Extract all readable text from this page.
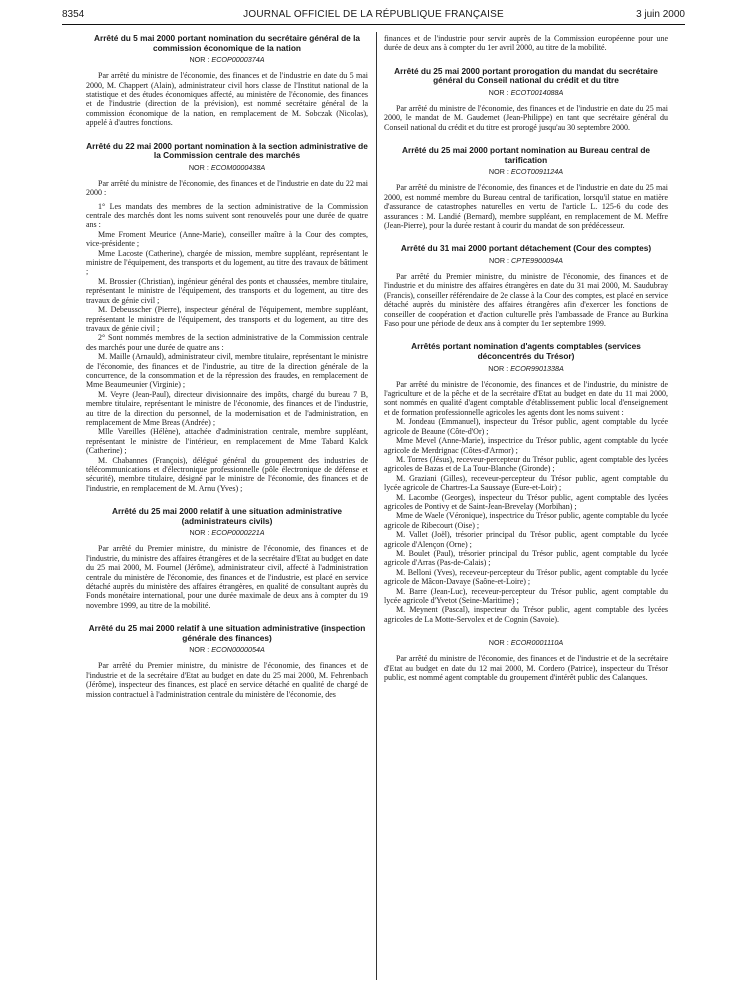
8354	JOURNAL OFFICIEL DE LA RÉPUBLIQUE FRANÇAISE	3 juin 2000
Arrêté du 5 mai 2000 portant nomination du secrétaire général de la commission économique de la nation
NOR : ECOP0000374A

Par arrêté du ministre de l'économie, des finances et de l'industrie en date du 5 mai 2000, M. Chappert (Alain), administrateur civil hors classe de l'Institut national de la statistique et des études économiques affecté, au ministère de l'économie, des finances et de l'industrie (direction de la prévision), est nommé secrétaire général de la commission économique de la nation, en remplacement de M. Sobczak (Nicolas), appelé à d'autres fonctions.

Arrêté du 22 mai 2000 portant nomination à la section administrative de la Commission centrale des marchés
NOR : ECOM0000438A

Par arrêté du ministre de l'économie, des finances et de l'industrie en date du 22 mai 2000 :

1° Les mandats des membres de la section administrative de la Commission centrale des marchés dont les noms suivent sont renouvelés pour une durée de quatre ans :

Mme Froment Meurice (Anne-Marie), conseiller maître à la Cour des comptes, vice-présidente ;

Mme Lacoste (Catherine), chargée de mission, membre suppléant, représentant le ministre de l'équipement, des transports et du logement, au titre des travaux de bâtiment ;

M. Brossier (Christian), ingénieur général des ponts et chaussées, membre titulaire, représentant le ministre de l'équipement, des transports et du logement, au titre des travaux de génie civil ;

M. Debeusscher (Pierre), inspecteur général de l'équipement, membre suppléant, représentant le ministre de l'équipement, des transports et du logement, au titre des travaux de génie civil ;

2° Sont nommés membres de la section administrative de la Commission centrale des marchés pour une durée de quatre ans :

M. Maille (Arnauld), administrateur civil, membre titulaire, représentant le ministre de l'économie, des finances et de l'industrie, au titre de la direction générale de la concurrence, de la consommation et de la répression des fraudes, en remplacement de Mme Beaumeunier (Virginie) ;

M. Veyre (Jean-Paul), directeur divisionnaire des impôts, chargé du bureau 7 B, membre titulaire, représentant le ministre de l'économie, des finances et de l'industrie, au titre de la direction du personnel, de la modernisation et de l'administration, en remplacement de Mme Breas (Andrée) ;

Mlle Vareilles (Hélène), attachée d'administration centrale, membre suppléant, représentant le ministre de l'intérieur, en remplacement de Mme Tabard Kalck (Catherine) ;

M. Chabannes (François), délégué général du groupement des industries de télécommunications et d'électronique professionnelle (pôle électronique de défense et sécurité), membre titulaire, désigné par le ministre de l'économie, des finances et de l'industrie, en remplacement de M. Arnu (Yves) ;

Arrêté du 25 mai 2000 relatif à une situation administrative (administrateurs civils)
NOR : ECOP0000221A

Par arrêté du Premier ministre, du ministre de l'économie, des finances et de l'industrie, du ministre des affaires étrangères et de la secrétaire d'Etat au budget en date du 25 mai 2000, M. Fournel (Jérôme), administrateur civil, affecté à l'administration centrale du ministère de l'économie, des finances et de l'industrie, est placé en service détaché auprès du ministère des affaires étrangères, en qualité de consultant auprès du Fonds monétaire international, pour une durée maximale de deux ans à compter du 19 novembre 1999, au titre de la mobilité.

Arrêté du 25 mai 2000 relatif à une situation administrative (inspection générale des finances)
NOR : ECON0000054A

Par arrêté du Premier ministre, du ministre de l'économie, des finances et de l'industrie et de la secrétaire d'Etat au budget en date du 25 mai 2000, M. Fehrenbach (Jérôme), inspecteur des finances, est placé en service détaché en qualité de chargé de mission contractuel à l'administration centrale du ministère de l'économie, des

finances et de l'industrie pour servir auprès de la Commission européenne pour une durée de deux ans à compter du 1er avril 2000, au titre de la mobilité.

Arrêté du 25 mai 2000 portant prorogation du mandat du secrétaire général du Conseil national du crédit et du titre
NOR : ECOT0014088A

Par arrêté du ministre de l'économie, des finances et de l'industrie en date du 25 mai 2000, le mandat de M. Gaudemet (Jean-Philippe) en tant que secrétaire général du Conseil national du crédit et du titre est prorogé jusqu'au 30 septembre 2000.

Arrêté du 25 mai 2000 portant nomination au Bureau central de tarification
NOR : ECOT0091124A

Par arrêté du ministre de l'économie, des finances et de l'industrie en date du 25 mai 2000, est nommé membre du Bureau central de tarification, lorsqu'il statue en matière d'assurance de catastrophes naturelles en vertu de l'article L. 125-6 du code des assurances : M. Landié (Bernard), membre suppléant, en remplacement de M. Meffre (Jean-Pierre), pour la durée restant à courir du mandat de son prédécesseur.

Arrêté du 31 mai 2000 portant détachement (Cour des comptes)
NOR : CPTE9900094A

Par arrêté du Premier ministre, du ministre de l'économie, des finances et de l'industrie et du ministre des affaires étrangères en date du 31 mai 2000, M. Saudubray (Francis), conseiller référendaire de 2e classe à la Cour des comptes, est placé en service détaché auprès du ministère des affaires étrangères afin d'exercer les fonctions de conseiller de coopération et d'action culturelle près l'ambassade de France au Burkina Faso pour une période de deux ans à compter du 1er septembre 1999.

Arrêtés portant nomination d'agents comptables (services déconcentrés du Trésor)
NOR : ECOR9901338A

Par arrêté du ministre de l'économie, des finances et de l'industrie, du ministre de l'agriculture et de la pêche et de la secrétaire d'Etat au budget en date du 11 mai 2000, sont nommés en qualité d'agent comptable d'établissement public local d'enseignement et de formation professionnelle agricoles les agents dont les noms suivent :

M. Jondeau (Emmanuel), inspecteur du Trésor public, agent comptable du lycée agricole de Beaune (Côte-d'Or) ;

Mme Mevel (Anne-Marie), inspectrice du Trésor public, agent comptable du lycée agricole de Merdrignac (Côtes-d'Armor) ;

M. Torres (Jésus), receveur-percepteur du Trésor public, agent comptable des lycées agricoles de Bazas et de La Tour-Blanche (Gironde) ;

M. Graziani (Gilles), receveur-percepteur du Trésor public, agent comptable du lycée agricole de Chartres-La Saussaye (Eure-et-Loir) ;

M. Lacombe (Georges), inspecteur du Trésor public, agent comptable des lycées agricoles de Pontivy et de Saint-Jean-Brevelay (Morbihan) ;

Mme de Waele (Véronique), inspectrice du Trésor public, agente comptable du lycée agricole de Ribecourt (Oise) ;

M. Vallet (Joël), trésorier principal du Trésor public, agent comptable du lycée agricole d'Alençon (Orne) ;

M. Boulet (Paul), trésorier principal du Trésor public, agent comptable du lycée agricole d'Arras (Pas-de-Calais) ;

M. Belloni (Yves), receveur-percepteur du Trésor public, agent comptable du lycée agricole de Mâcon-Davaye (Saône-et-Loire) ;

M. Barre (Jean-Luc), receveur-percepteur du Trésor public, agent comptable du lycée agricole d'Yvetot (Seine-Maritime) ;

M. Meynent (Pascal), inspecteur du Trésor public, agent comptable des lycées agricoles de La Motte-Servolex et de Cognin (Savoie).

NOR : ECOR0001110A

Par arrêté du ministre de l'économie, des finances et de l'industrie et de la secrétaire d'Etat au budget en date du 12 mai 2000, M. Cordero (Patrice), inspecteur du Trésor public, est nommé agent comptable du groupement d'intérêt public des Calanques.
